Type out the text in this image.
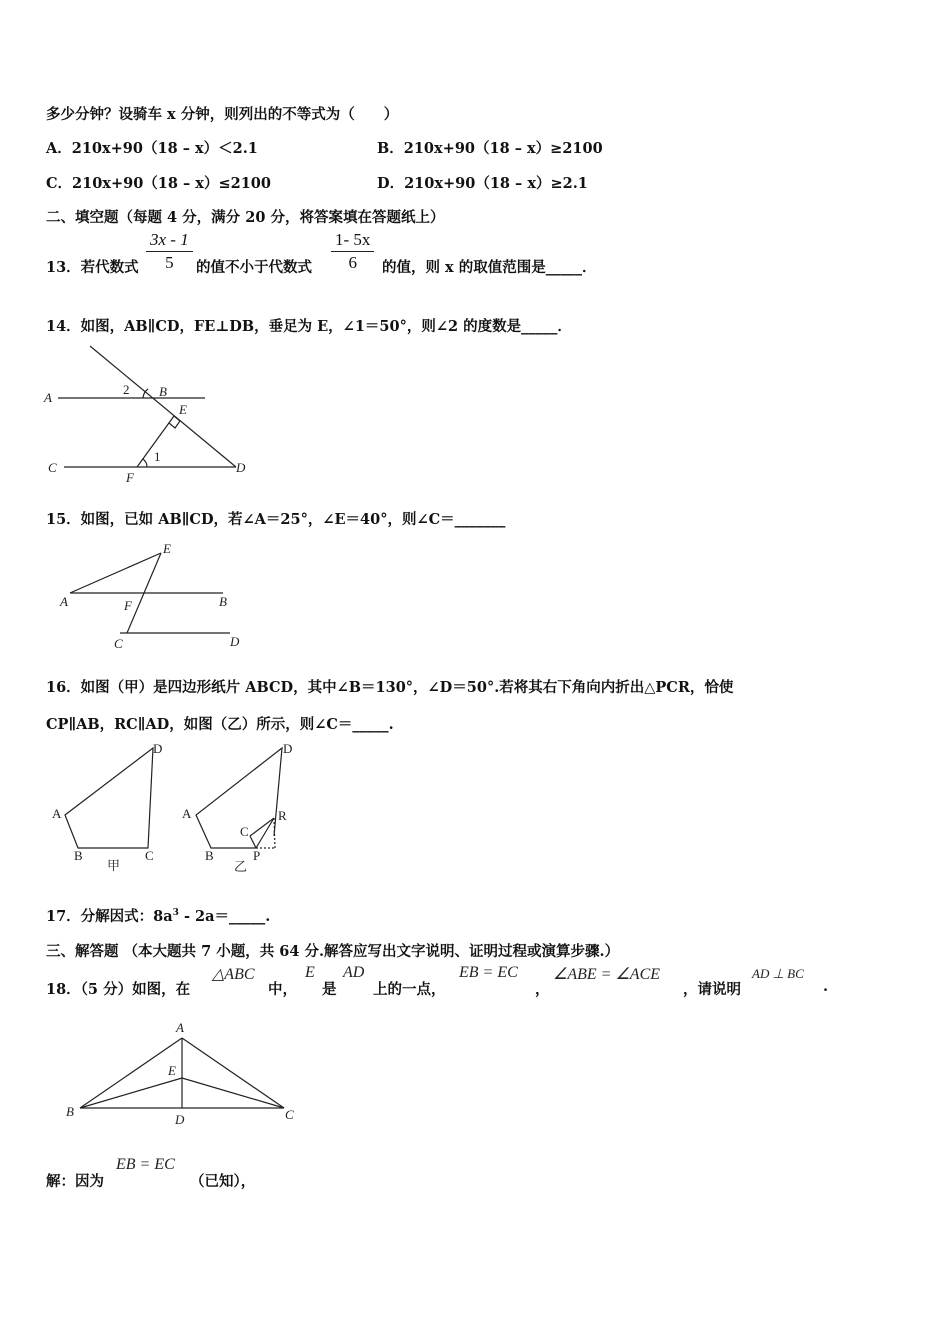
多少分钟？设骑车 x 分钟，则列出的不等式为（　　）
A．210x+90（18 – x）＜2.1	B．210x+90（18 – x）≥2100
C．210x+90（18 – x）≤2100	D．210x+90（18 – x）≥2.1
二、填空题（每题 4 分，满分 20 分，将答案填在答题纸上）
13．若代数式 $\frac{3x - 1}{5}$ 的值不小于代数式 $\frac{1- 5x}{6}$ 的值，则 x 的取值范围是_____．
14．如图，AB∥CD，FE⊥DB，垂足为 E，∠1＝50°，则∠2 的度数是_____．
A	B
C	D
E
F
1
2
15．如图，已如 AB∥CD，若∠A＝25°，∠E＝40°，则∠C＝_______
A	B
C	D
E
F
16．如图（甲）是四边形纸片 ABCD，其中∠B＝130°，∠D＝50°.若将其右下角向内折出△PCR，恰使
CP∥AB，RC∥AD，如图（乙）所示，则∠C＝_____.
A
B	C
D
甲
A
B
C
D
P
R
乙
17．分解因式：$8a^3$ - 2a＝_____.
三、解答题 （本大题共 7 小题，共 64 分.解答应写出文字说明、证明过程或演算步骤.）
18．（5 分）如图，在
△ABC
中，
E
是
AD
上的一点，
EB = EC
，
∠ABE = ∠ACE
，请说明
AD ⊥ BC
.
A
B	C
D
E
解：因为
EB = EC
（已知），
